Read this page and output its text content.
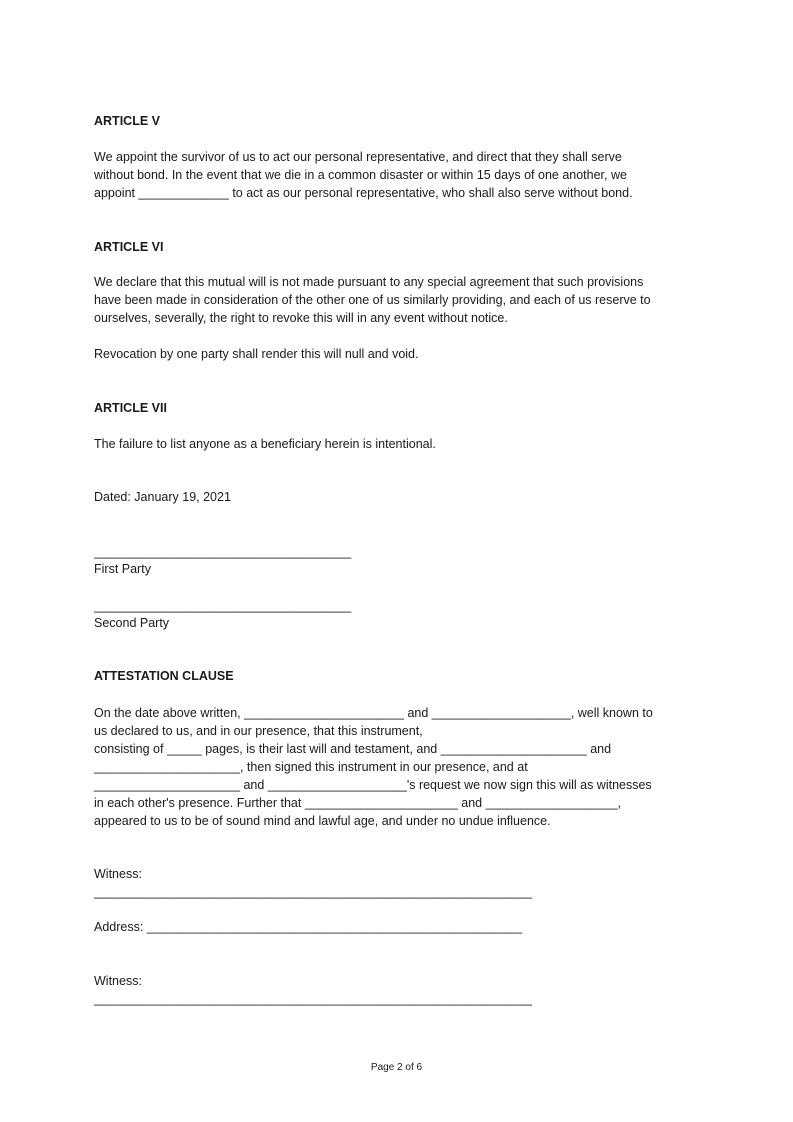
ARTICLE V
We appoint the survivor of us to act our personal representative, and direct that they shall serve
without bond. In the event that we die in a common disaster or within 15 days of one another, we
appoint _____________ to act as our personal representative, who shall also serve without bond.
ARTICLE VI
We declare that this mutual will is not made pursuant to any special agreement that such provisions
have been made in consideration of the other one of us similarly providing, and each of us reserve to
ourselves, severally, the right to revoke this will in any event without notice.
Revocation by one party shall render this will null and void.
ARTICLE VII
The failure to list anyone as a beneficiary herein is intentional.
Dated: January 19, 2021
_____________________________________
First Party
_____________________________________
Second Party
ATTESTATION CLAUSE
On the date above written, _______________________ and ____________________, well known to
us declared to us, and in our presence, that this instrument,
consisting of _____ pages, is their last will and testament, and _____________________ and
_____________________, then signed this instrument in our presence, and at
_____________________ and ____________________'s request we now sign this will as witnesses
in each other's presence. Further that ______________________ and ___________________,
appeared to us to be of sound mind and lawful age, and under no undue influence.
Witness:
_______________________________________________________________
Address: ______________________________________________________
Witness:
_______________________________________________________________
Page 2 of 6
